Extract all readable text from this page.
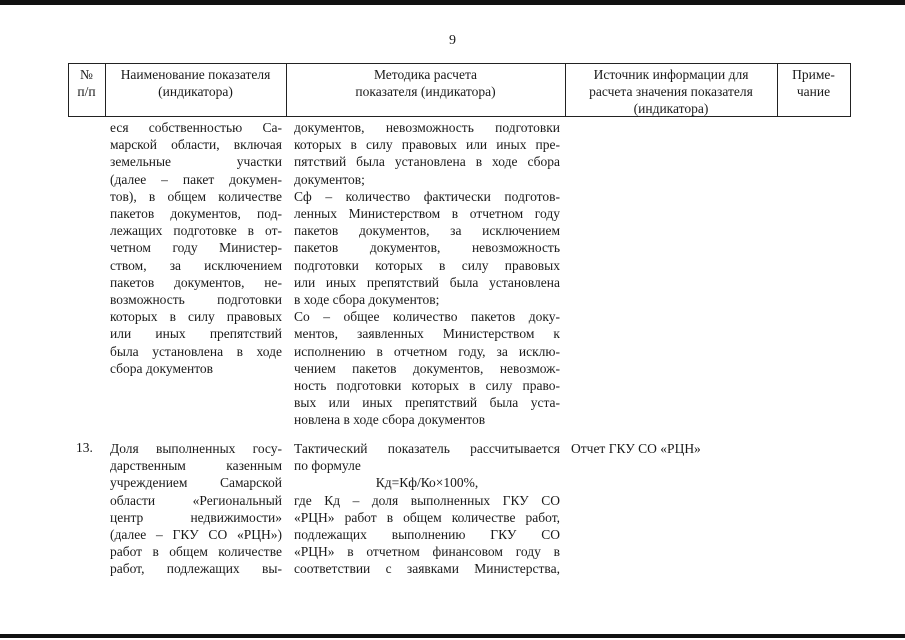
9
№
п/п
Наименование показателя
(индикатора)
Методика расчета
показателя (индикатора)
Источник информации для
расчета значения показателя
(индикатора)
Приме-
чание
еся собственностью Са-
марской области, включая
земельные участки
(далее – пакет докумен-
тов), в общем количестве
пакетов документов, под-
лежащих подготовке в от-
четном году Министер-
ством, за исключением
пакетов документов, не-
возможность подготовки
которых в силу правовых
или иных препятствий
была установлена в ходе
сбора документов
документов, невозможность подготовки
которых в силу правовых или иных пре-
пятствий была установлена в ходе сбора
документов;
Сф – количество фактически подготов-
ленных Министерством в отчетном году
пакетов документов, за исключением
пакетов документов, невозможность
подготовки которых в силу правовых
или иных препятствий была установлена
в ходе сбора документов;
Со – общее количество пакетов доку-
ментов, заявленных Министерством к
исполнению в отчетном году, за исклю-
чением пакетов документов, невозмож-
ность подготовки которых в силу право-
вых или иных препятствий была уста-
новлена в ходе сбора документов
13. Доля выполненных госу-
дарственным казенным
учреждением Самарской
области «Региональный
центр недвижимости»
(далее – ГКУ СО «РЦН»)
работ в общем количестве
работ, подлежащих вы-
Тактический показатель рассчитывается
по формуле
Кд=Кф/Ко×100%,
где Кд – доля выполненных ГКУ СО
«РЦН» работ в общем количестве работ,
подлежащих выполнению ГКУ СО
«РЦН» в отчетном финансовом году в
соответствии с заявками Министерства,
Отчет ГКУ СО «РЦН»
